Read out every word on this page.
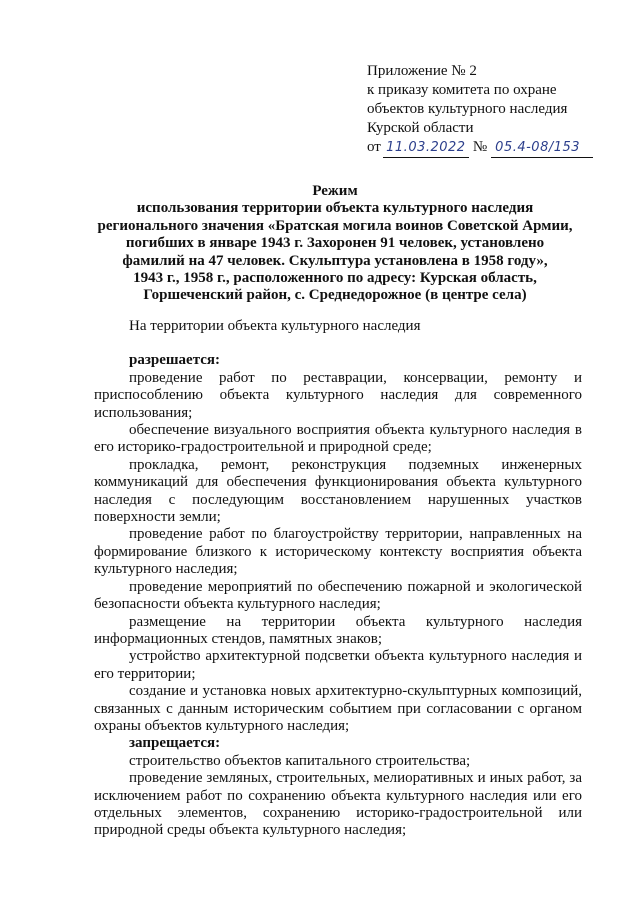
Приложение № 2
к приказу комитета по охране
объектов культурного наследия
Курской области
от 11.03.2022 № 05.4-08/153
Режим
использования территории объекта культурного наследия
регионального значения «Братская могила воинов Советской Армии,
погибших в январе 1943 г. Захоронен 91 человек, установлено
фамилий на 47 человек. Скульптура установлена в 1958 году»,
1943 г., 1958 г., расположенного по адресу: Курская область,
Горшеченский район, с. Среднедорожное (в центре села)

На территории объекта культурного наследия

разрешается:

проведение работ по реставрации, консервации, ремонту и приспособлению объекта культурного наследия для современного использования;

обеспечение визуального восприятия объекта культурного наследия в его историко-градостроительной и природной среде;

прокладка, ремонт, реконструкция подземных инженерных коммуникаций для обеспечения функционирования объекта культурного наследия с последующим восстановлением нарушенных участков поверхности земли;

проведение работ по благоустройству территории, направленных на формирование близкого к историческому контексту восприятия объекта культурного наследия;

проведение мероприятий по обеспечению пожарной и экологической безопасности объекта культурного наследия;

размещение на территории объекта культурного наследия информационных стендов, памятных знаков;

устройство архитектурной подсветки объекта культурного наследия и его территории;

создание и установка новых архитектурно-скульптурных композиций, связанных с данным историческим событием при согласовании с органом охраны объектов культурного наследия;

запрещается:

строительство объектов капитального строительства;

проведение земляных, строительных, мелиоративных и иных работ, за исключением работ по сохранению объекта культурного наследия или его отдельных элементов, сохранению историко-градостроительной или природной среды объекта культурного наследия;
